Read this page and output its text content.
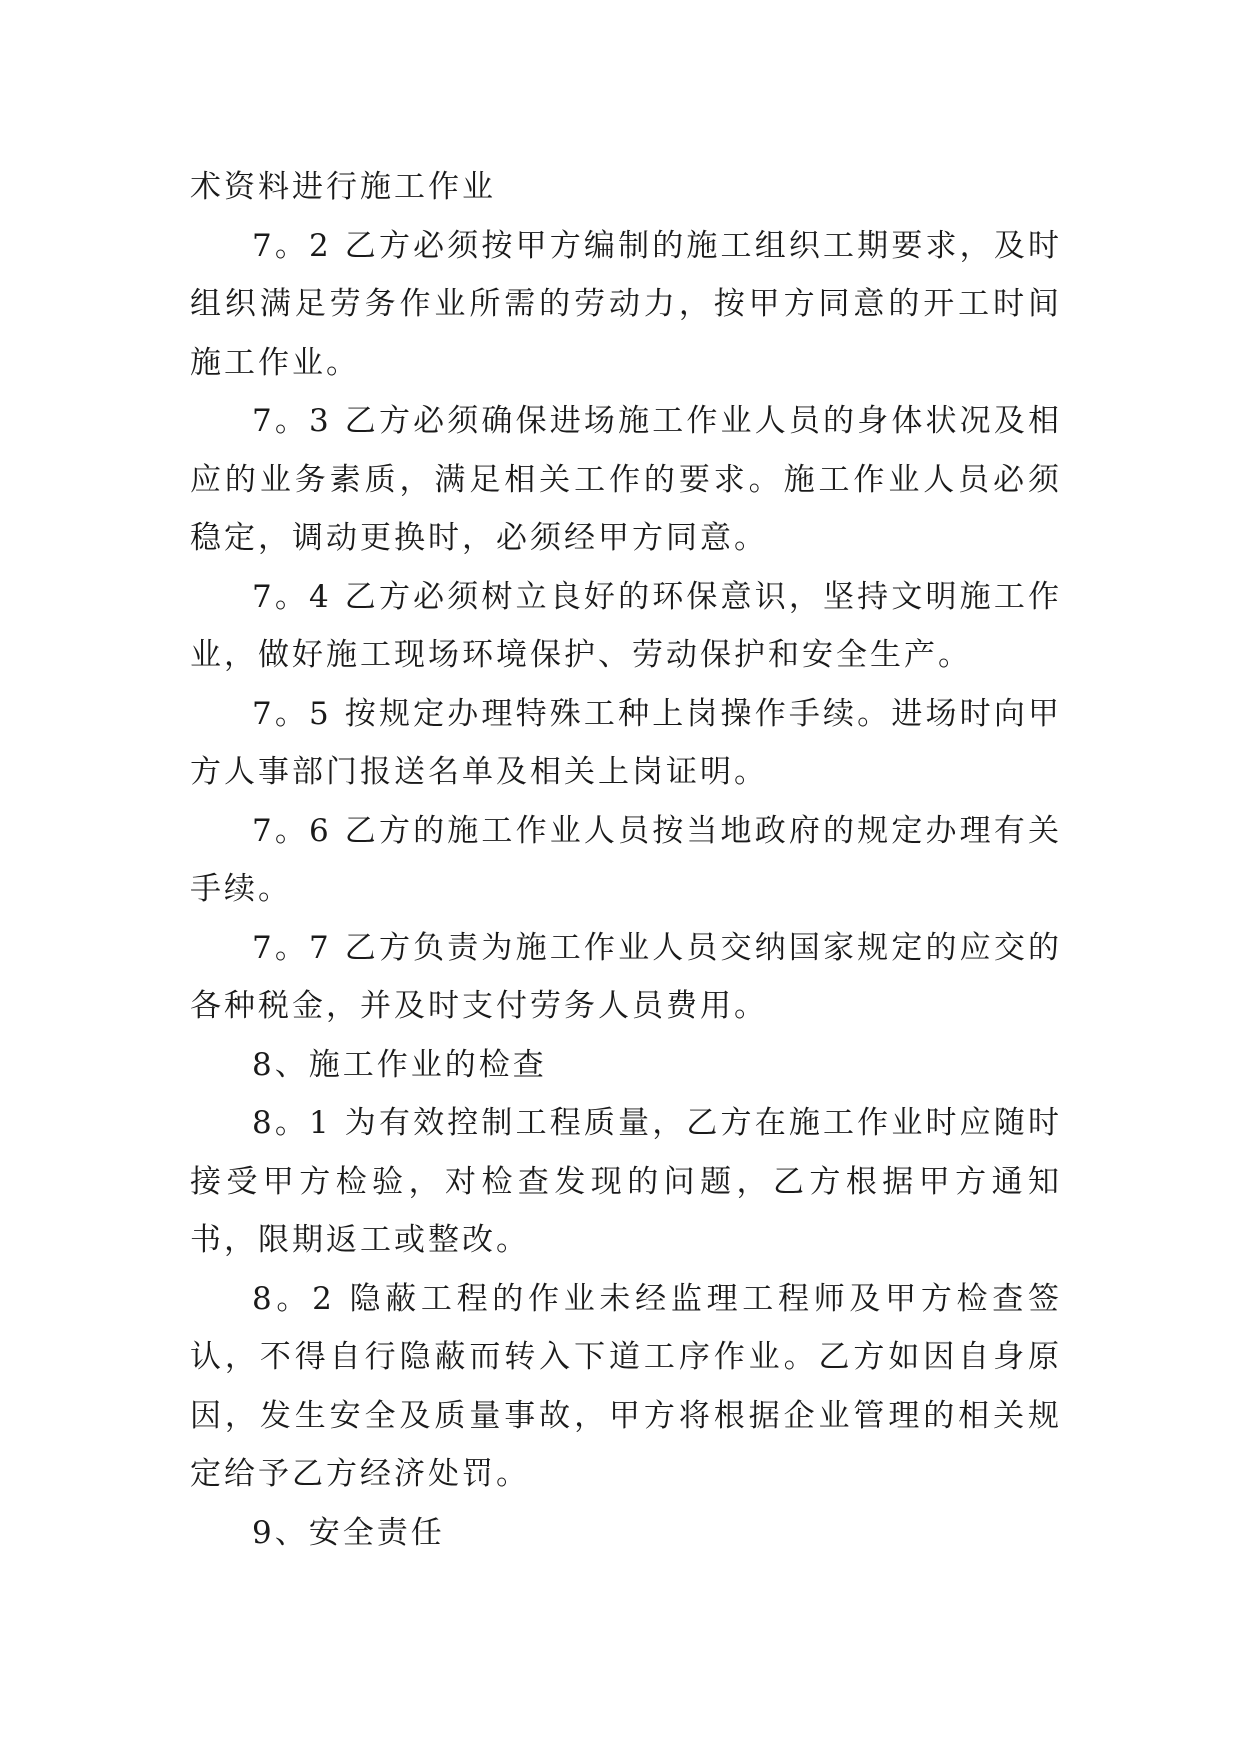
术资料进行施工作业

7。2 乙方必须按甲方编制的施工组织工期要求，及时组织满足劳务作业所需的劳动力，按甲方同意的开工时间施工作业。

7。3 乙方必须确保进场施工作业人员的身体状况及相应的业务素质，满足相关工作的要求。施工作业人员必须稳定，调动更换时，必须经甲方同意。

7。4 乙方必须树立良好的环保意识，坚持文明施工作业，做好施工现场环境保护、劳动保护和安全生产。

7。5 按规定办理特殊工种上岗操作手续。进场时向甲方人事部门报送名单及相关上岗证明。

7。6 乙方的施工作业人员按当地政府的规定办理有关手续。

7。7 乙方负责为施工作业人员交纳国家规定的应交的各种税金，并及时支付劳务人员费用。

8、施工作业的检查

8。1 为有效控制工程质量，乙方在施工作业时应随时接受甲方检验，对检查发现的问题，乙方根据甲方通知书，限期返工或整改。

8。2 隐蔽工程的作业未经监理工程师及甲方检查签认，不得自行隐蔽而转入下道工序作业。乙方如因自身原因，发生安全及质量事故，甲方将根据企业管理的相关规定给予乙方经济处罚。

9、安全责任
